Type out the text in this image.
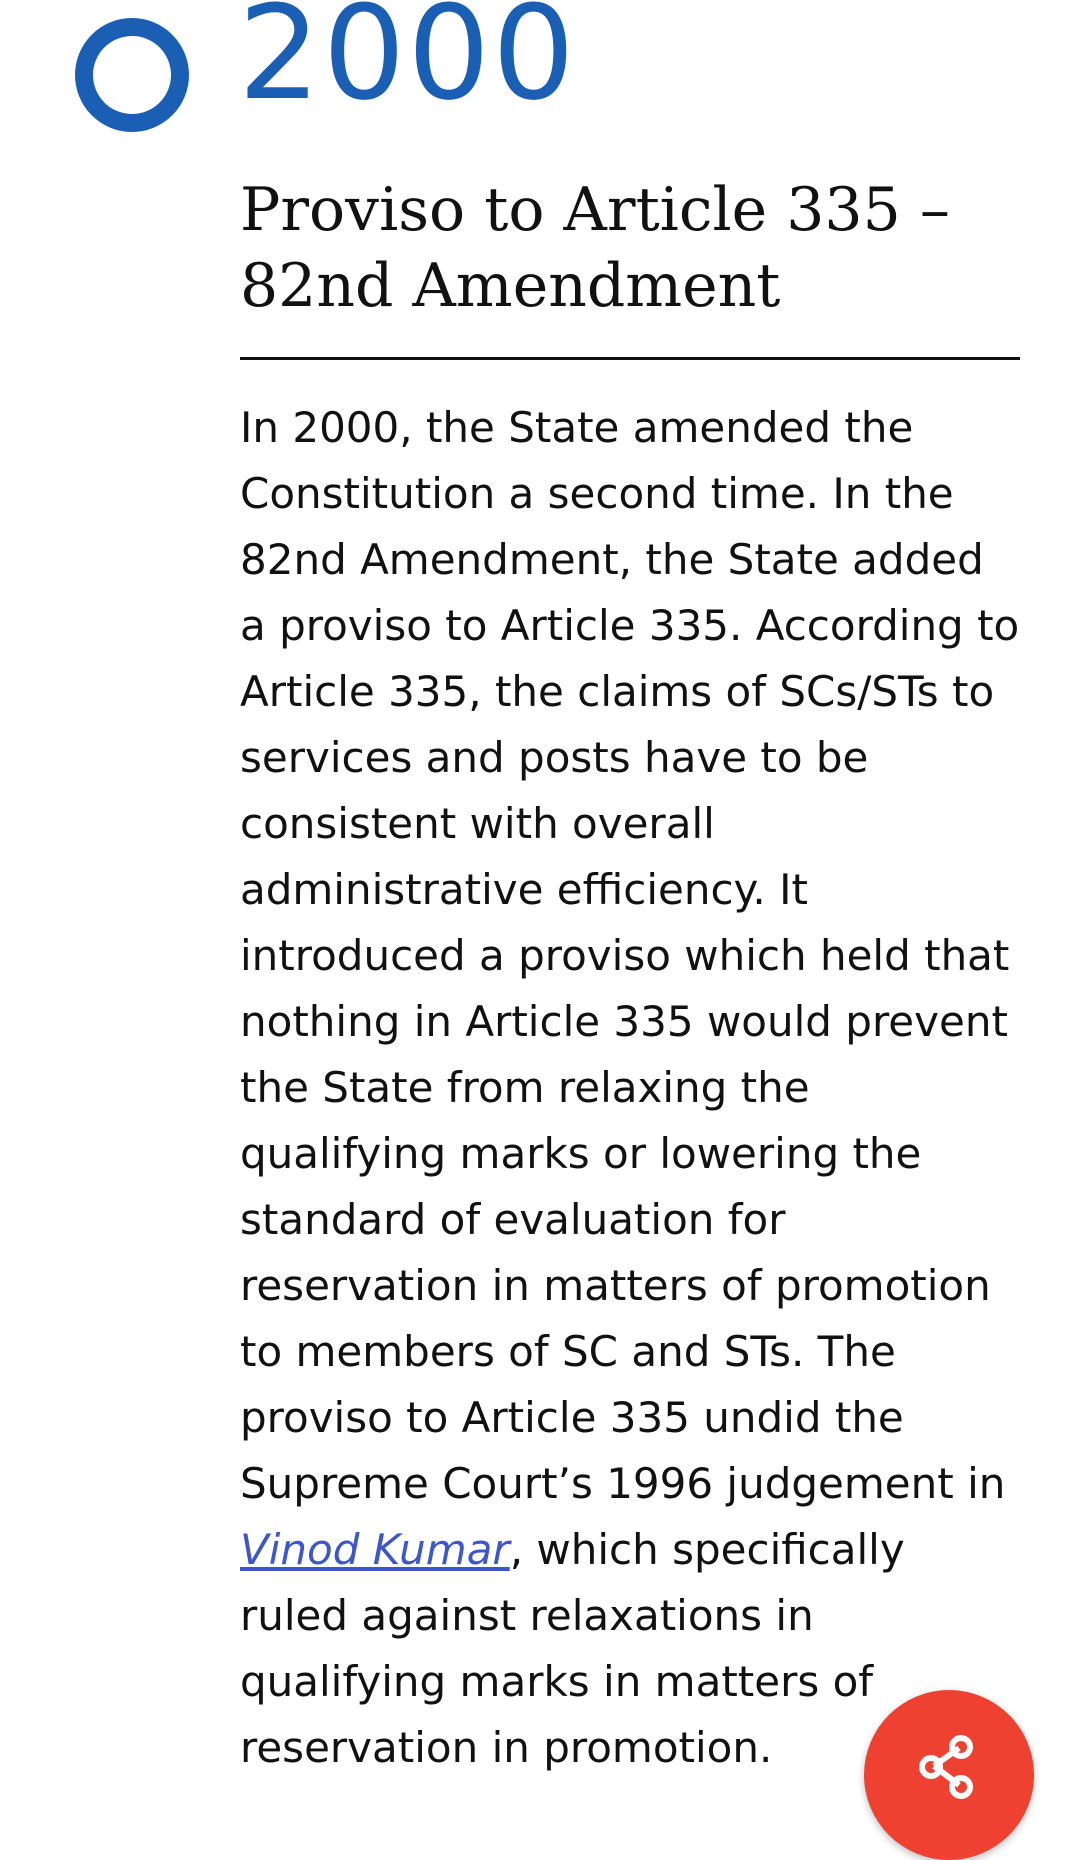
2000
Proviso to Article 335 – 82nd Amendment

In 2000, the State amended the Constitution a second time. In the 82nd Amendment, the State added a proviso to Article 335. According to Article 335, the claims of SCs/STs to services and posts have to be consistent with overall administrative efficiency. It introduced a proviso which held that nothing in Article 335 would prevent the State from relaxing the qualifying marks or lowering the standard of evaluation for reservation in matters of promotion to members of SC and STs. The proviso to Article 335 undid the Supreme Court’s 1996 judgement in Vinod Kumar, which specifically ruled against relaxations in qualifying marks in matters of reservation in promotion.
